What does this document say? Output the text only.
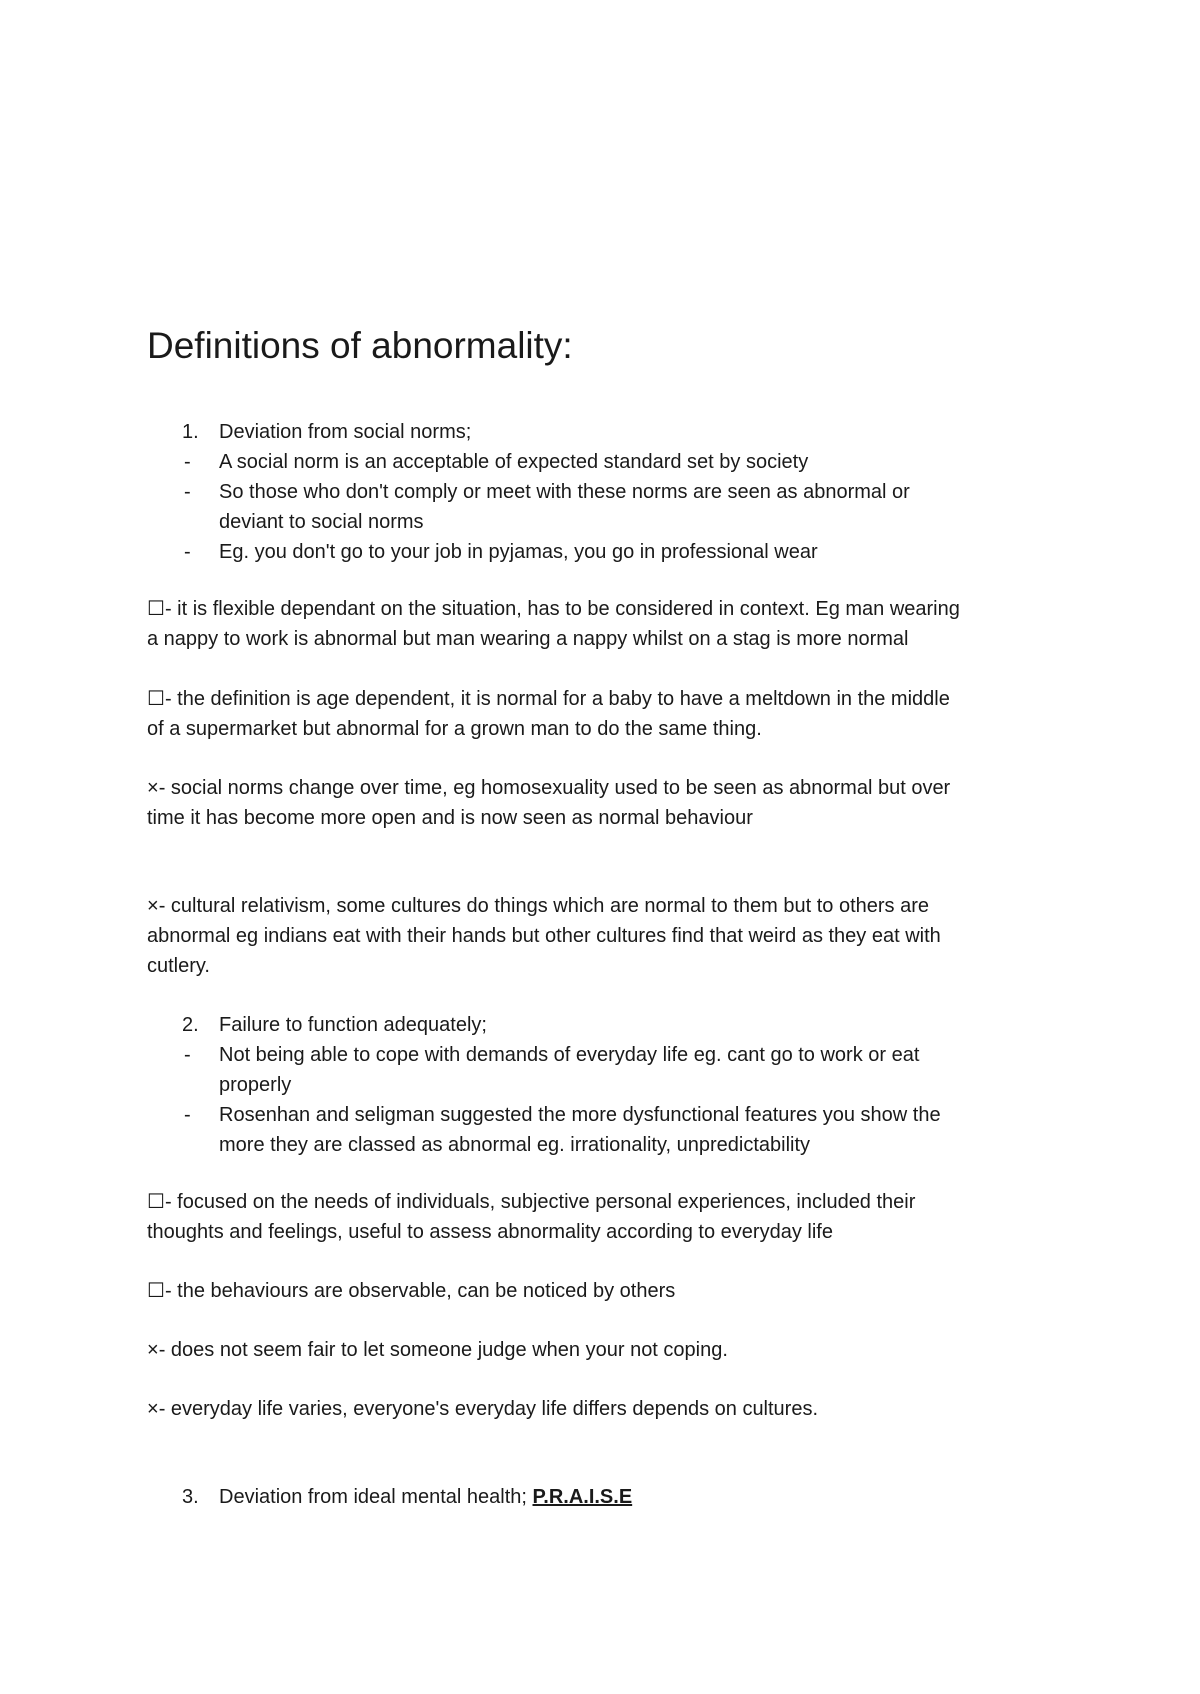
Definitions of abnormality:
1.	Deviation from social norms;
-	A social norm is an acceptable of expected standard set by society
-	So those who don't comply or meet with these norms are seen as abnormal or
deviant to social norms
-	Eg. you don't go to your job in pyjamas, you go in professional wear
☐- it is flexible dependant on the situation, has to be considered in context. Eg man wearing
a nappy to work is abnormal but man wearing a nappy whilst on a stag is more normal
☐- the definition is age dependent, it is normal for a baby to have a meltdown in the middle
of a supermarket but abnormal for a grown man to do the same thing.
×- social norms change over time, eg homosexuality used to be seen as abnormal but over
time it has become more open and is now seen as normal behaviour
×- cultural relativism, some cultures do things which are normal to them but to others are
abnormal eg indians eat with their hands but other cultures find that weird as they eat with
cutlery.
2.	Failure to function adequately;
-	Not being able to cope with demands of everyday life eg. cant go to work or eat
properly
-	Rosenhan and seligman suggested the more dysfunctional features you show the
more they are classed as abnormal eg. irrationality, unpredictability
☐- focused on the needs of individuals, subjective personal experiences, included their
thoughts and feelings, useful to assess abnormality according to everyday life
☐- the behaviours are observable, can be noticed by others
×- does not seem fair to let someone judge when your not coping.
×- everyday life varies, everyone's everyday life differs depends on cultures.
3.	Deviation from ideal mental health; P.R.A.I.S.E
